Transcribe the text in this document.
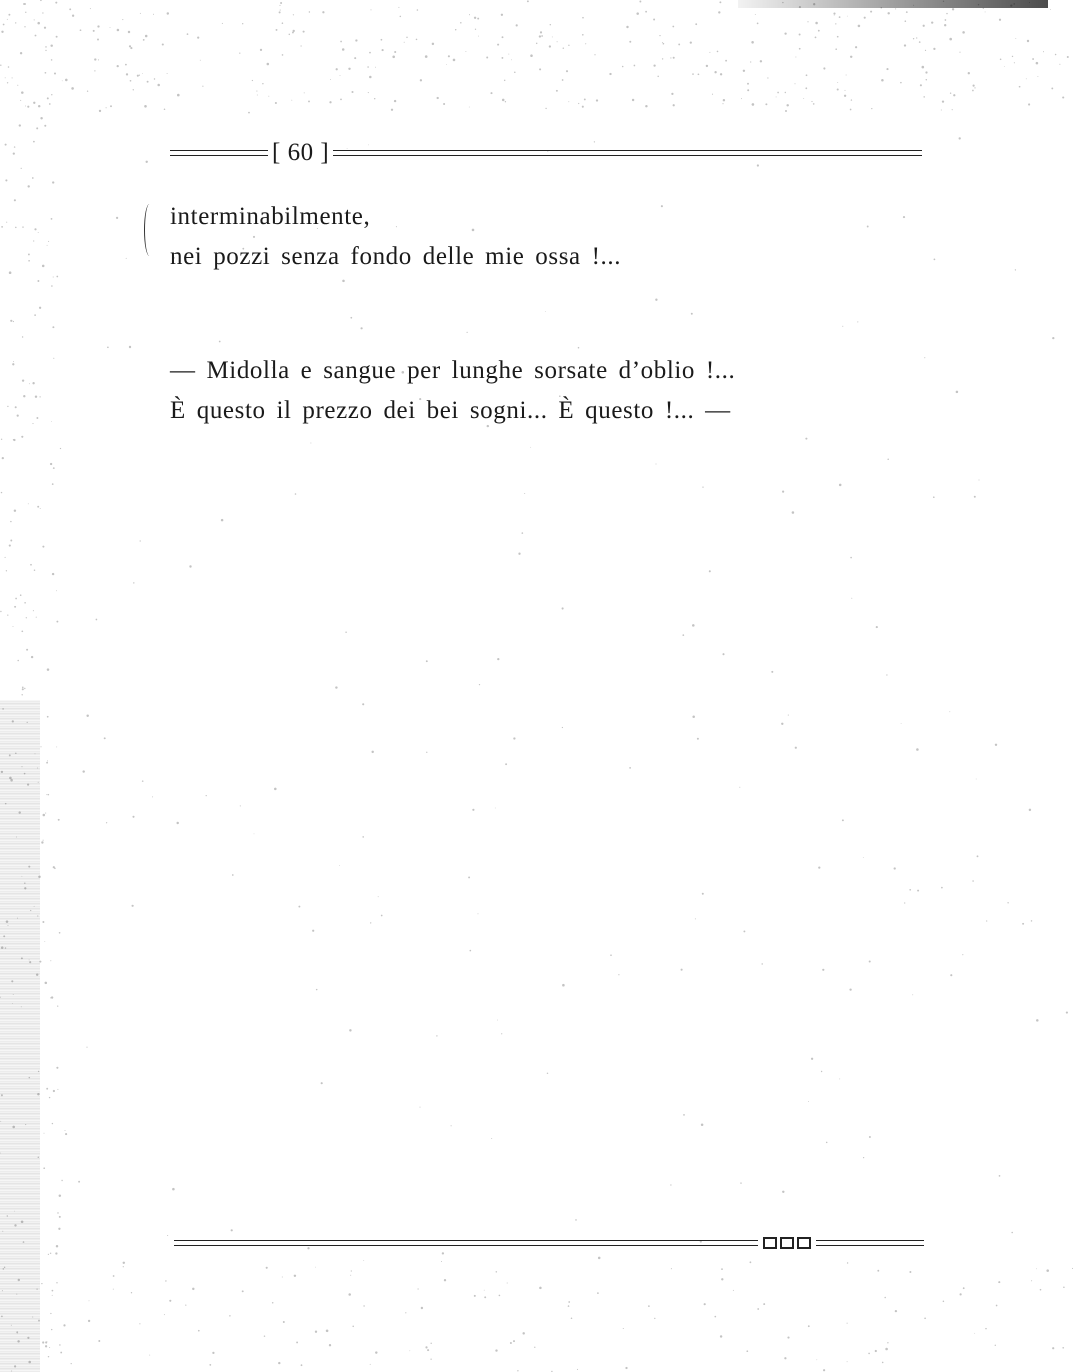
[ 60 ]
interminabilmente,
nei pozzi senza fondo delle mie ossa !...
— Midolla e sangue per lunghe sorsate d’oblio !...
È questo il prezzo dei bei sogni... È questo !... —
